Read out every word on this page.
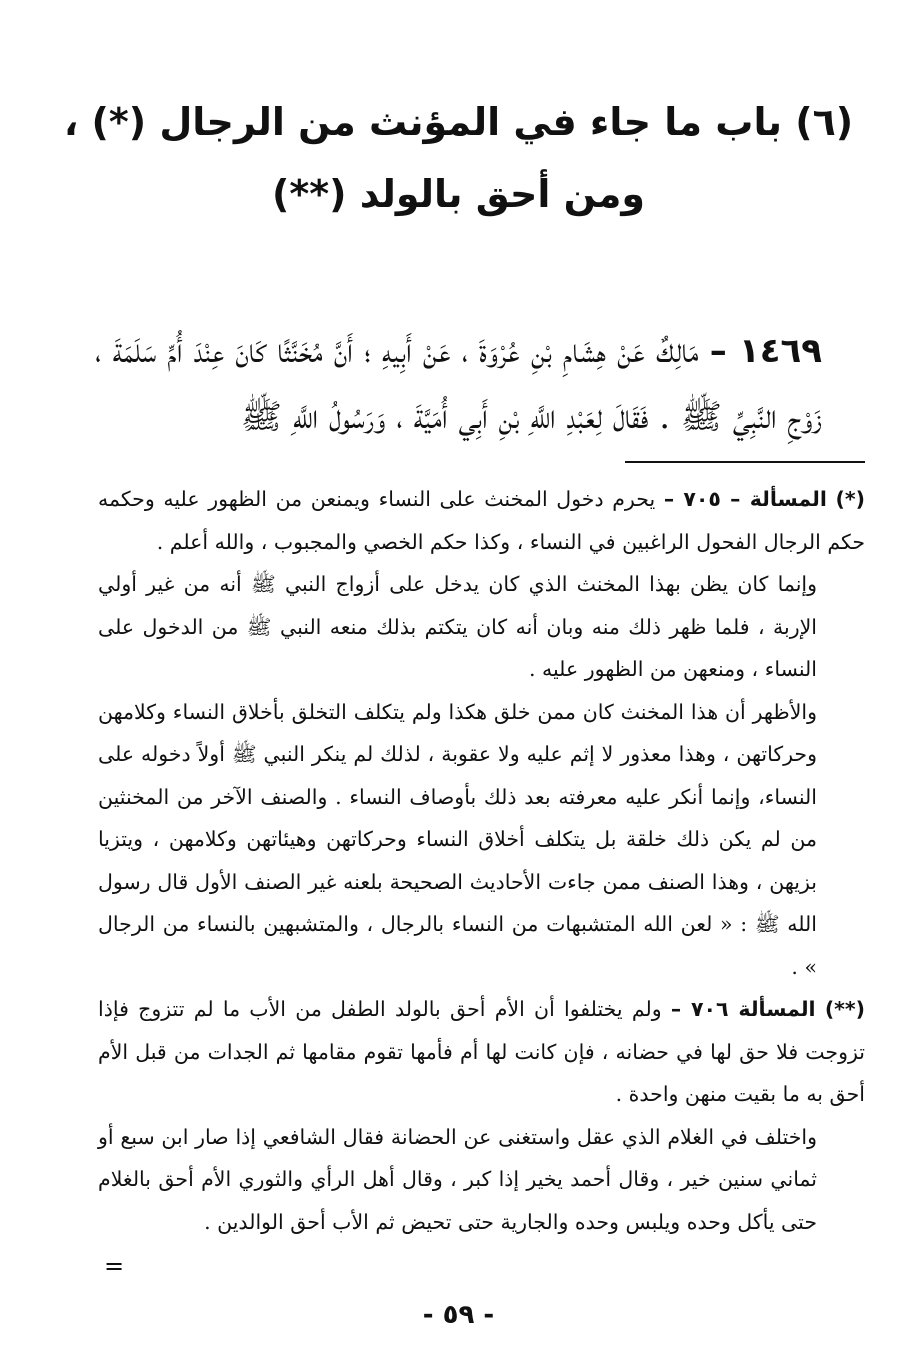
(٦) باب ما جاء في المؤنث من الرجال (*) ،
ومن أحق بالولد (**)
١٤٦٩ – مَالِكٌ عَنْ هِشَامِ بْنِ عُرْوَةَ ، عَنْ أَبِيهِ ؛ أَنَّ مُخَنَّثًا كَانَ عِنْدَ أُمِّ سَلَمَةَ ، زَوْجِ النَّبِيِّ ﷺ . فَقَالَ لِعَبْدِ اللَّهِ بْنِ أَبِي أُمَيَّةَ ، وَرَسُولُ اللَّهِ ﷺ

(*) المسألة – ٧٠٥ – يحرم دخول المخنث على النساء ويمنعن من الظهور عليه وحكمه حكم الرجال الفحول الراغبين في النساء ، وكذا حكم الخصي والمجبوب ، والله أعلم .

وإنما كان يظن بهذا المخنث الذي كان يدخل على أزواج النبي ﷺ أنه من غير أولي الإربة ، فلما ظهر ذلك منه وبان أنه كان يتكتم بذلك منعه النبي ﷺ من الدخول على النساء ، ومنعهن من الظهور عليه .

والأظهر أن هذا المخنث كان ممن خلق هكذا ولم يتكلف التخلق بأخلاق النساء وكلامهن وحركاتهن ، وهذا معذور لا إثم عليه ولا عقوبة ، لذلك لم ينكر النبي ﷺ أولاً دخوله على النساء، وإنما أنكر عليه معرفته بعد ذلك بأوصاف النساء . والصنف الآخر من المخنثين من لم يكن ذلك خلقة بل يتكلف أخلاق النساء وحركاتهن وهيئاتهن وكلامهن ، ويتزيا بزيهن ، وهذا الصنف ممن جاءت الأحاديث الصحيحة بلعنه غير الصنف الأول قال رسول الله ﷺ : « لعن الله المتشبهات من النساء بالرجال ، والمتشبهين بالنساء من الرجال » .

(**) المسألة ٧٠٦ – ولم يختلفوا أن الأم أحق بالولد الطفل من الأب ما لم تتزوج فإذا تزوجت فلا حق لها في حضانه ، فإن كانت لها أم فأمها تقوم مقامها ثم الجدات من قبل الأم أحق به ما بقيت منهن واحدة .

واختلف في الغلام الذي عقل واستغنى عن الحضانة فقال الشافعي إذا صار ابن سبع أو ثماني سنين خير ، وقال أحمد يخير إذا كبر ، وقال أهل الرأي والثوري الأم أحق بالغلام حتى يأكل وحده ويلبس وحده والجارية حتى تحيض ثم الأب أحق الوالدين .

=
- ٥٩ -
